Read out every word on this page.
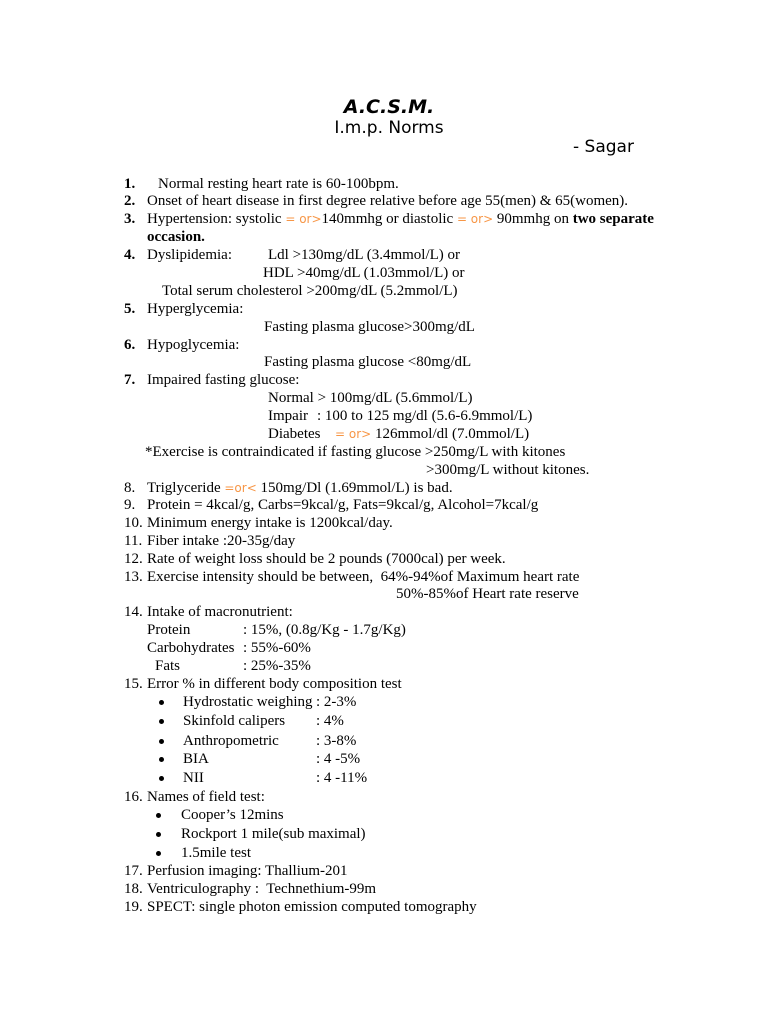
A.C.S.M.
I.m.p. Norms
- Sagar
1. Normal resting heart rate is 60-100bpm.
2. Onset of heart disease in first degree relative before age 55(men) & 65(women).
3. Hypertension: systolic = or>140mmhg or diastolic = or> 90mmhg on two separate
occasion.
4. Dyslipidemia: Ldl >130mg/dL (3.4mmol/L) or
HDL >40mg/dL (1.03mmol/L) or
Total serum cholesterol >200mg/dL (5.2mmol/L)
5. Hyperglycemia:
Fasting plasma glucose>300mg/dL
6. Hypoglycemia:
Fasting plasma glucose <80mg/dL
7. Impaired fasting glucose:
Normal > 100mg/dL (5.6mmol/L)
Impair : 100 to 125 mg/dl (5.6-6.9mmol/L)
Diabetes = or> 126mmol/dl (7.0mmol/L)
*Exercise is contraindicated if fasting glucose >250mg/L with kitones
>300mg/L without kitones.
8. Triglyceride =or< 150mg/Dl (1.69mmol/L) is bad.
9. Protein = 4kcal/g, Carbs=9kcal/g, Fats=9kcal/g, Alcohol=7kcal/g
10. Minimum energy intake is 1200kcal/day.
11. Fiber intake :20-35g/day
12. Rate of weight loss should be 2 pounds (7000cal) per week.
13. Exercise intensity should be between,  64%-94%of Maximum heart rate
50%-85%of Heart rate reserve
14. Intake of macronutrient:
Protein	: 15%, (0.8g/Kg - 1.7g/Kg)
Carbohydrates : 55%-60%
Fats	: 25%-35%
15. Error % in different body composition test
Hydrostatic weighing : 2-3%
Skinfold calipers : 4%
Anthropometric : 3-8%
BIA	: 4 -5%
NII	: 4 -11%
16. Names of field test:
Cooper’s 12mins
Rockport 1 mile(sub maximal)
1.5mile test
17. Perfusion imaging: Thallium-201
18. Ventriculography :  Technethium-99m
19. SPECT: single photon emission computed tomography
